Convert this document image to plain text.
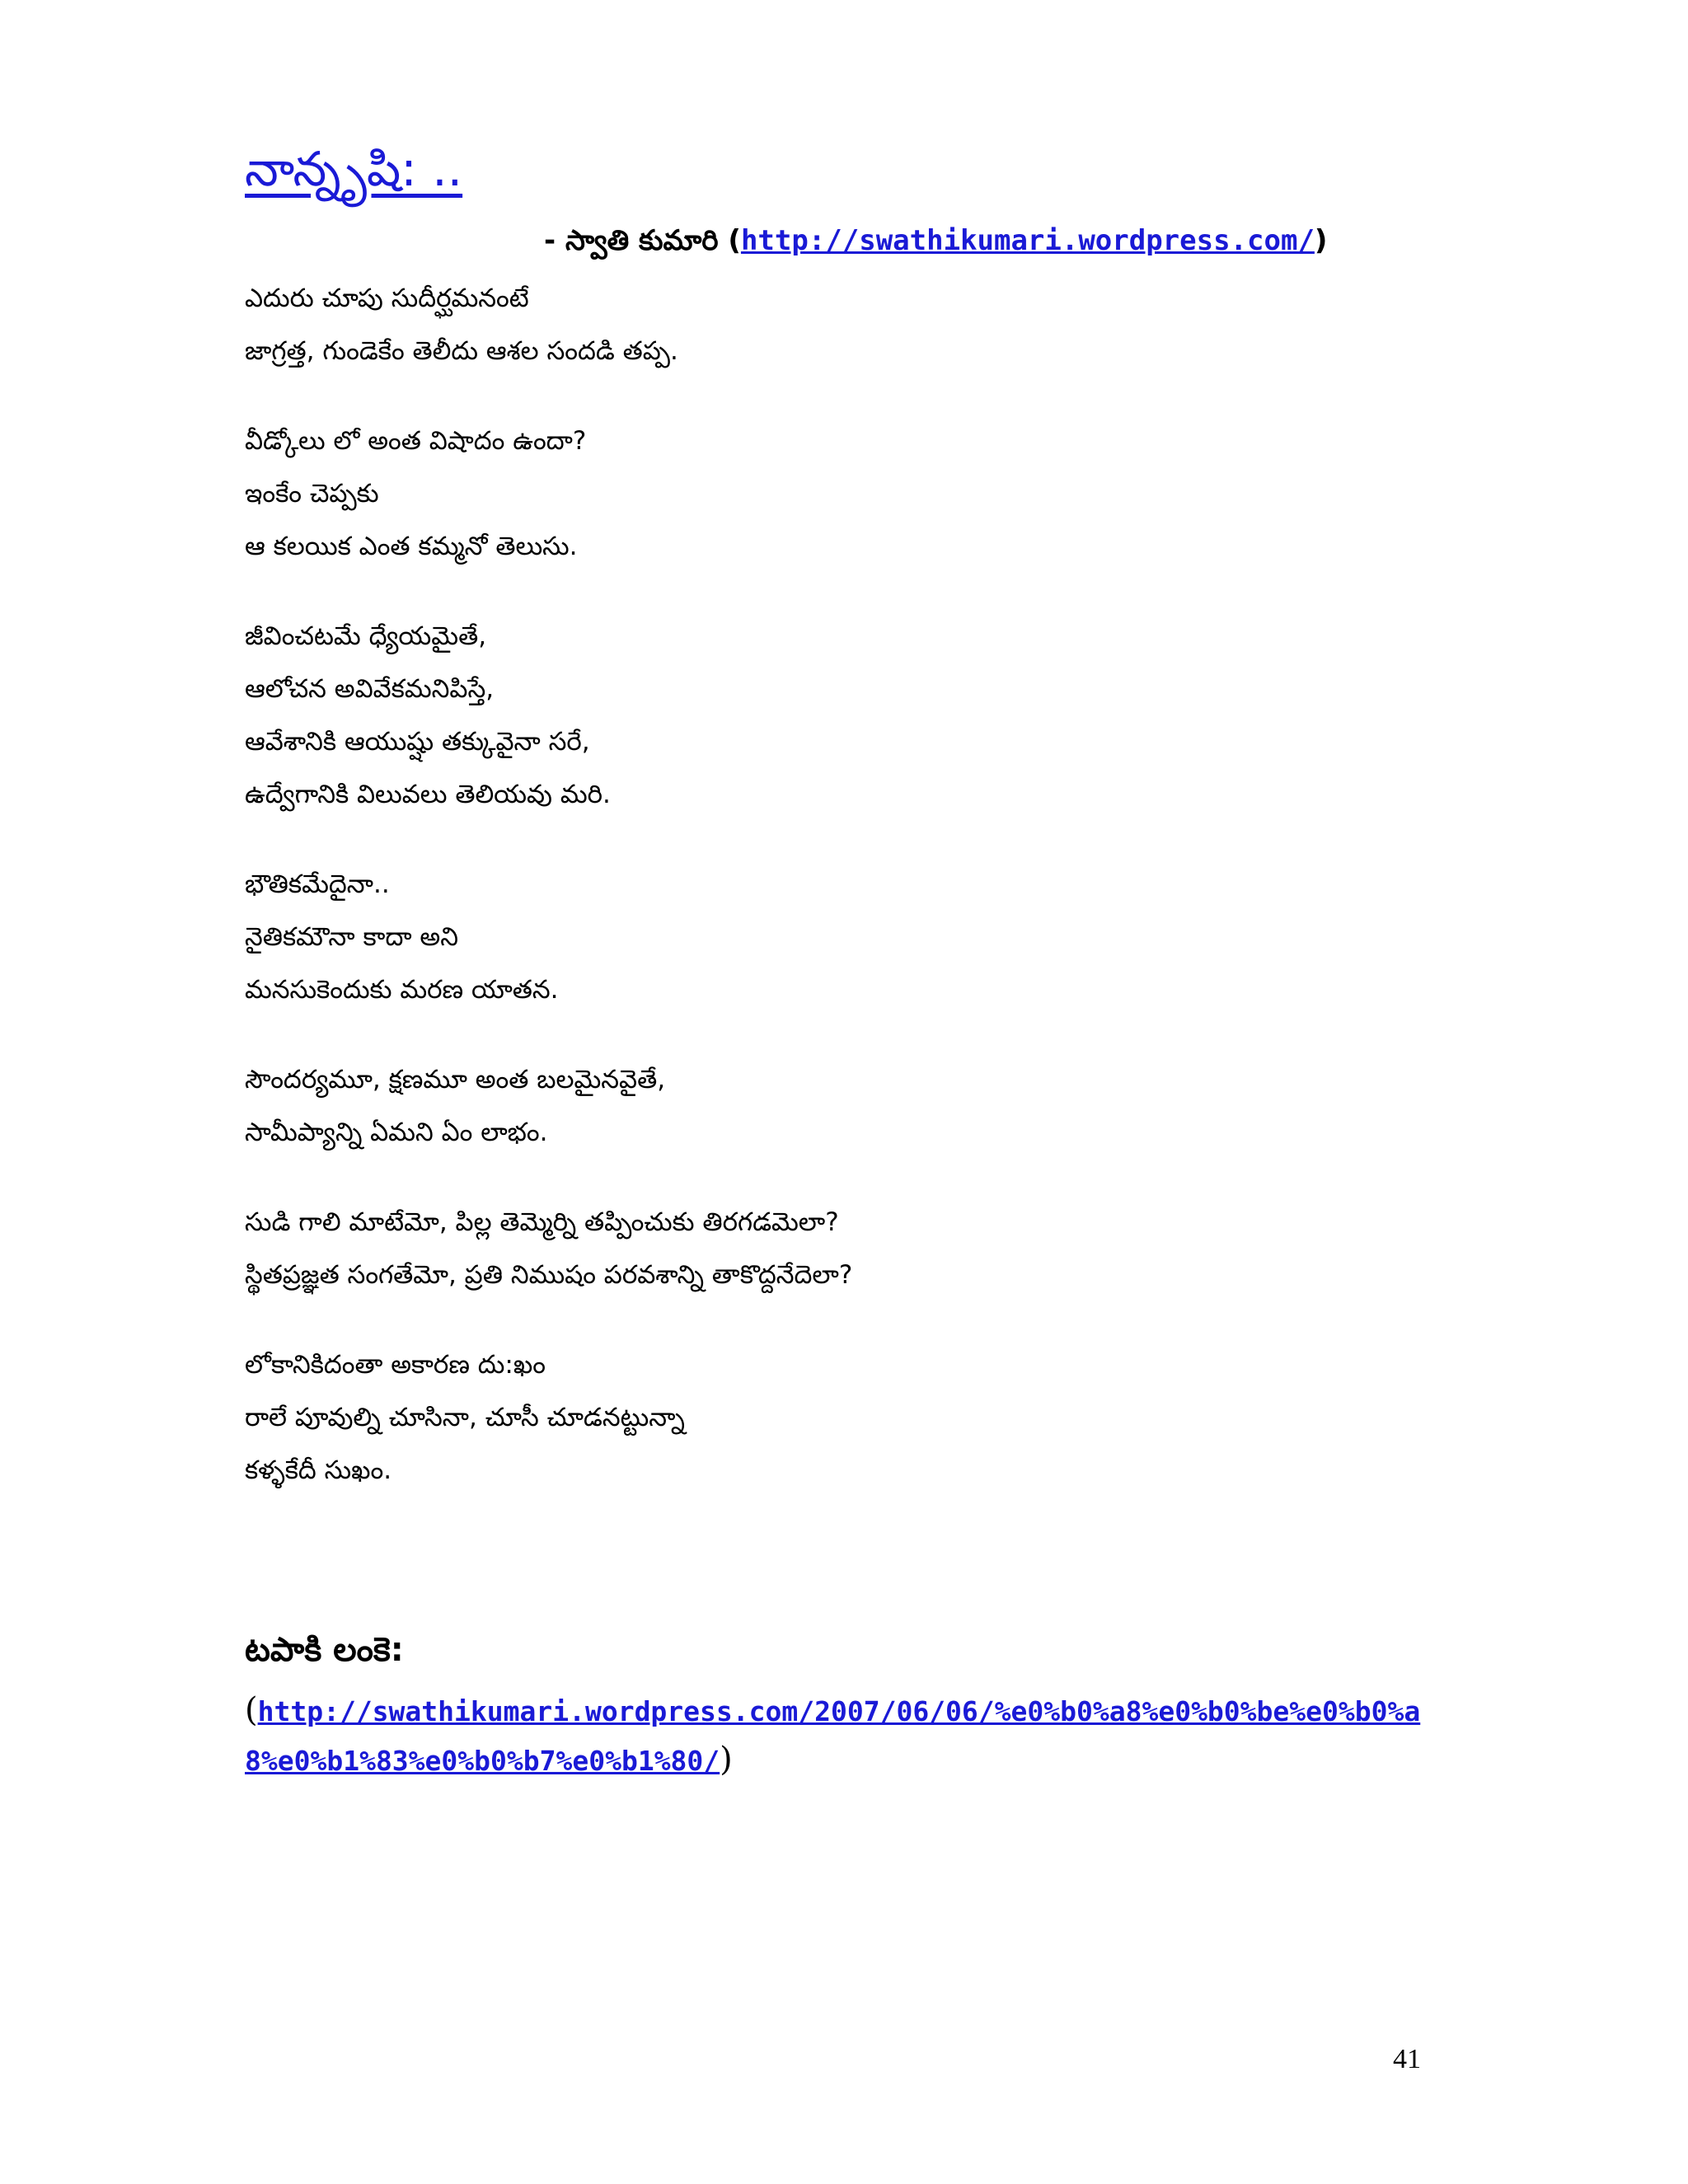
నాన్నృషి: ..
- స్వాతి కుమారి (http://swathikumari.wordpress.com/)
ఎదురు చూపు సుదీర్ఘమనంటే
జాగ్రత్త, గుండెకేం తెలీదు ఆశల సందడి తప్ప.
వీడ్కోలు లో అంత విషాదం ఉందా?
ఇంకేం చెప్పకు
ఆ కలయిక ఎంత కమ్మనో తెలుసు.
జీవించటమే ధ్యేయమైతే,
ఆలోచన అవివేకమనిపిస్తే,
ఆవేశానికి ఆయుష్షు తక్కువైనా సరే,
ఉద్వేగానికి విలువలు తెలియవు మరి.
భౌతికమేదైనా..
నైతికమౌనా కాదా అని
మనసుకెందుకు మరణ యాతన.
సౌందర్యమూ, క్షణమూ అంత బలమైనవైతే,
సామీప్యాన్ని ఏమని ఏం లాభం.
సుడి గాలి మాటేమో, పిల్ల తెమ్మెర్ని తప్పించుకు తిరగడమెలా?
స్థితప్రజ్ఞత సంగతేమో, ప్రతి నిముషం పరవశాన్ని తాకొద్దనేదెలా?
లోకానికిదంతా అకారణ దు:ఖం
రాలే పూవుల్ని చూసినా, చూసీ చూడనట్టున్నా
కళ్ళకేదీ సుఖం.
టపాకి లంకె:
(http://swathikumari.wordpress.com/2007/06/06/%e0%b0%a8%e0%b0%be%e0%b0%a8%e0%b1%83%e0%b0%b7%e0%b1%80/)
41
